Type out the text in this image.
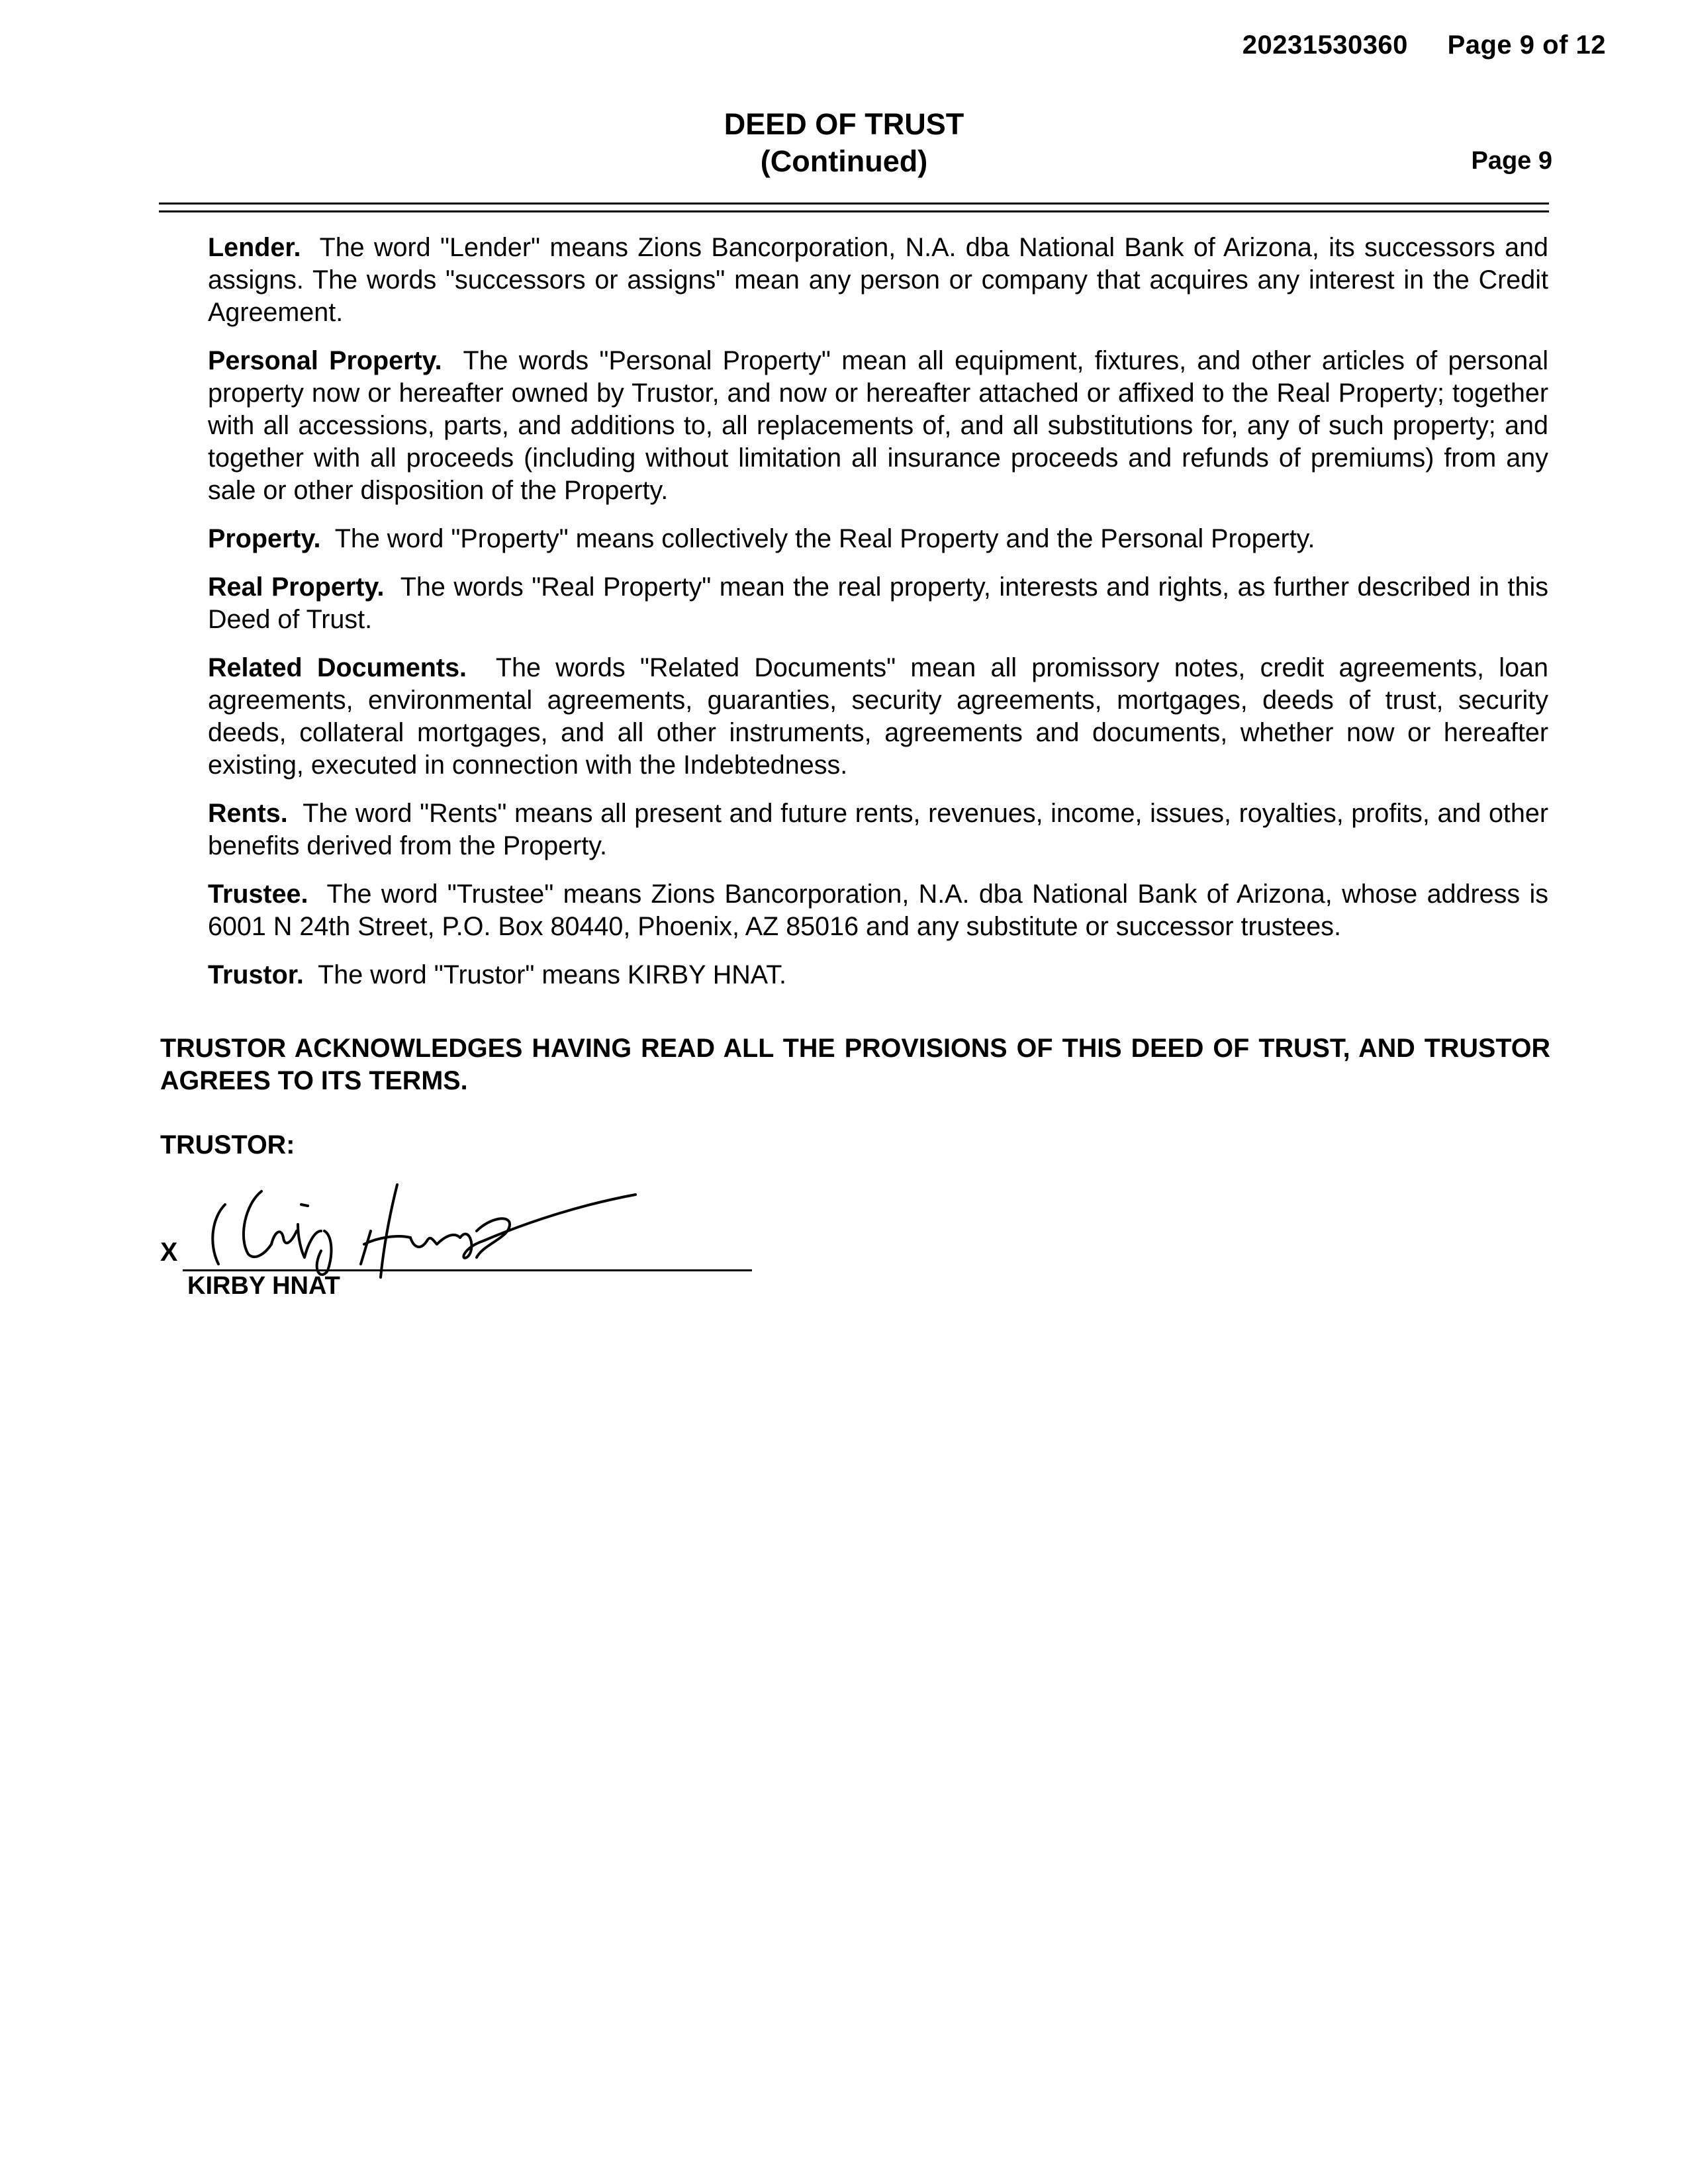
20231530360 Page 9 of 12
DEED OF TRUST
(Continued)	Page 9

Lender. The word "Lender" means Zions Bancorporation, N.A. dba National Bank of Arizona, its successors and assigns. The words "successors or assigns" mean any person or company that acquires any interest in the Credit Agreement.

Personal Property. The words "Personal Property" mean all equipment, fixtures, and other articles of personal property now or hereafter owned by Trustor, and now or hereafter attached or affixed to the Real Property; together with all accessions, parts, and additions to, all replacements of, and all substitutions for, any of such property; and together with all proceeds (including without limitation all insurance proceeds and refunds of premiums) from any sale or other disposition of the Property.

Property. The word "Property" means collectively the Real Property and the Personal Property.

Real Property. The words "Real Property" mean the real property, interests and rights, as further described in this Deed of Trust.

Related Documents. The words "Related Documents" mean all promissory notes, credit agreements, loan agreements, environmental agreements, guaranties, security agreements, mortgages, deeds of trust, security deeds, collateral mortgages, and all other instruments, agreements and documents, whether now or hereafter existing, executed in connection with the Indebtedness.

Rents. The word "Rents" means all present and future rents, revenues, income, issues, royalties, profits, and other benefits derived from the Property.

Trustee. The word "Trustee" means Zions Bancorporation, N.A. dba National Bank of Arizona, whose address is 6001 N 24th Street, P.O. Box 80440, Phoenix, AZ 85016 and any substitute or successor trustees.

Trustor. The word "Trustor" means KIRBY HNAT.

TRUSTOR ACKNOWLEDGES HAVING READ ALL THE PROVISIONS OF THIS DEED OF TRUST, AND TRUSTOR AGREES TO ITS TERMS.
TRUSTOR:
X
KIRBY HNAT
